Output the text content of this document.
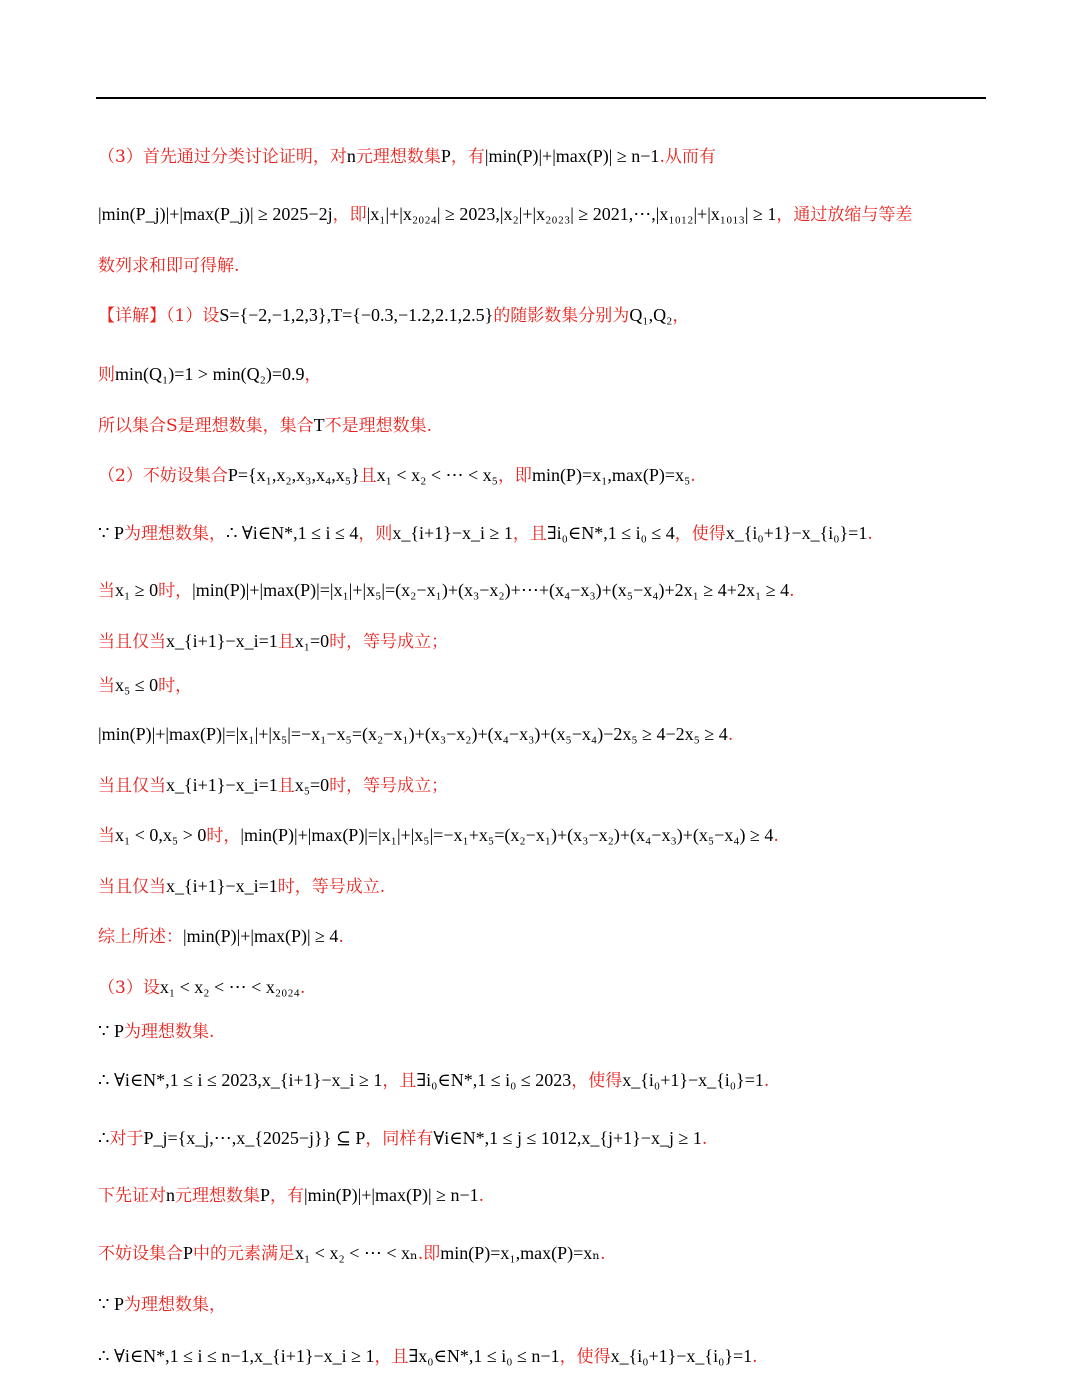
（3）首先通过分类讨论证明，对n元理想数集P，有|min(P)|+|max(P)| ≥ n−1.从而有
|min(P_j)|+|max(P_j)| ≥ 2025−2j，即|x₁|+|x₂₀₂₄| ≥ 2023,|x₂|+|x₂₀₂₃| ≥ 2021,⋯,|x₁₀₁₂|+|x₁₀₁₃| ≥ 1，通过放缩与等差
数列求和即可得解.
【详解】（1）设S={−2,−1,2,3},T={−0.3,−1.2,2.1,2.5}的随影数集分别为Q₁,Q₂，
则min(Q₁)=1 > min(Q₂)=0.9，
所以集合S是理想数集，集合T不是理想数集.
（2）不妨设集合P={x₁,x₂,x₃,x₄,x₅}且x₁ < x₂ < ⋯ < x₅，即min(P)=x₁,max(P)=x₅.
∵ P为理想数集，∴ ∀i∈N*,1 ≤ i ≤ 4，则x_{i+1}−x_i ≥ 1，且∃i₀∈N*,1 ≤ i₀ ≤ 4，使得x_{i₀+1}−x_{i₀}=1.
当x₁ ≥ 0时，|min(P)|+|max(P)|=|x₁|+|x₅|=(x₂−x₁)+(x₃−x₂)+⋯+(x₄−x₃)+(x₅−x₄)+2x₁ ≥ 4+2x₁ ≥ 4.
当且仅当x_{i+1}−x_i=1且x₁=0时，等号成立；
当x₅ ≤ 0时，
|min(P)|+|max(P)|=|x₁|+|x₅|=−x₁−x₅=(x₂−x₁)+(x₃−x₂)+(x₄−x₃)+(x₅−x₄)−2x₅ ≥ 4−2x₅ ≥ 4.
当且仅当x_{i+1}−x_i=1且x₅=0时，等号成立；
当x₁ < 0,x₅ > 0时，|min(P)|+|max(P)|=|x₁|+|x₅|=−x₁+x₅=(x₂−x₁)+(x₃−x₂)+(x₄−x₃)+(x₅−x₄) ≥ 4.
当且仅当x_{i+1}−x_i=1时，等号成立.
综上所述：|min(P)|+|max(P)| ≥ 4.
（3）设x₁ < x₂ < ⋯ < x₂₀₂₄.
∵ P为理想数集.
∴ ∀i∈N*,1 ≤ i ≤ 2023,x_{i+1}−x_i ≥ 1，且∃i₀∈N*,1 ≤ i₀ ≤ 2023，使得x_{i₀+1}−x_{i₀}=1.
∴对于P_j={x_j,⋯,x_{2025−j}} ⊆ P，同样有∀i∈N*,1 ≤ j ≤ 1012,x_{j+1}−x_j ≥ 1.
下先证对n元理想数集P，有|min(P)|+|max(P)| ≥ n−1.
不妨设集合P中的元素满足x₁ < x₂ < ⋯ < xₙ.即min(P)=x₁,max(P)=xₙ.
∵ P为理想数集，
∴ ∀i∈N*,1 ≤ i ≤ n−1,x_{i+1}−x_i ≥ 1，且∃x₀∈N*,1 ≤ i₀ ≤ n−1，使得x_{i₀+1}−x_{i₀}=1.
